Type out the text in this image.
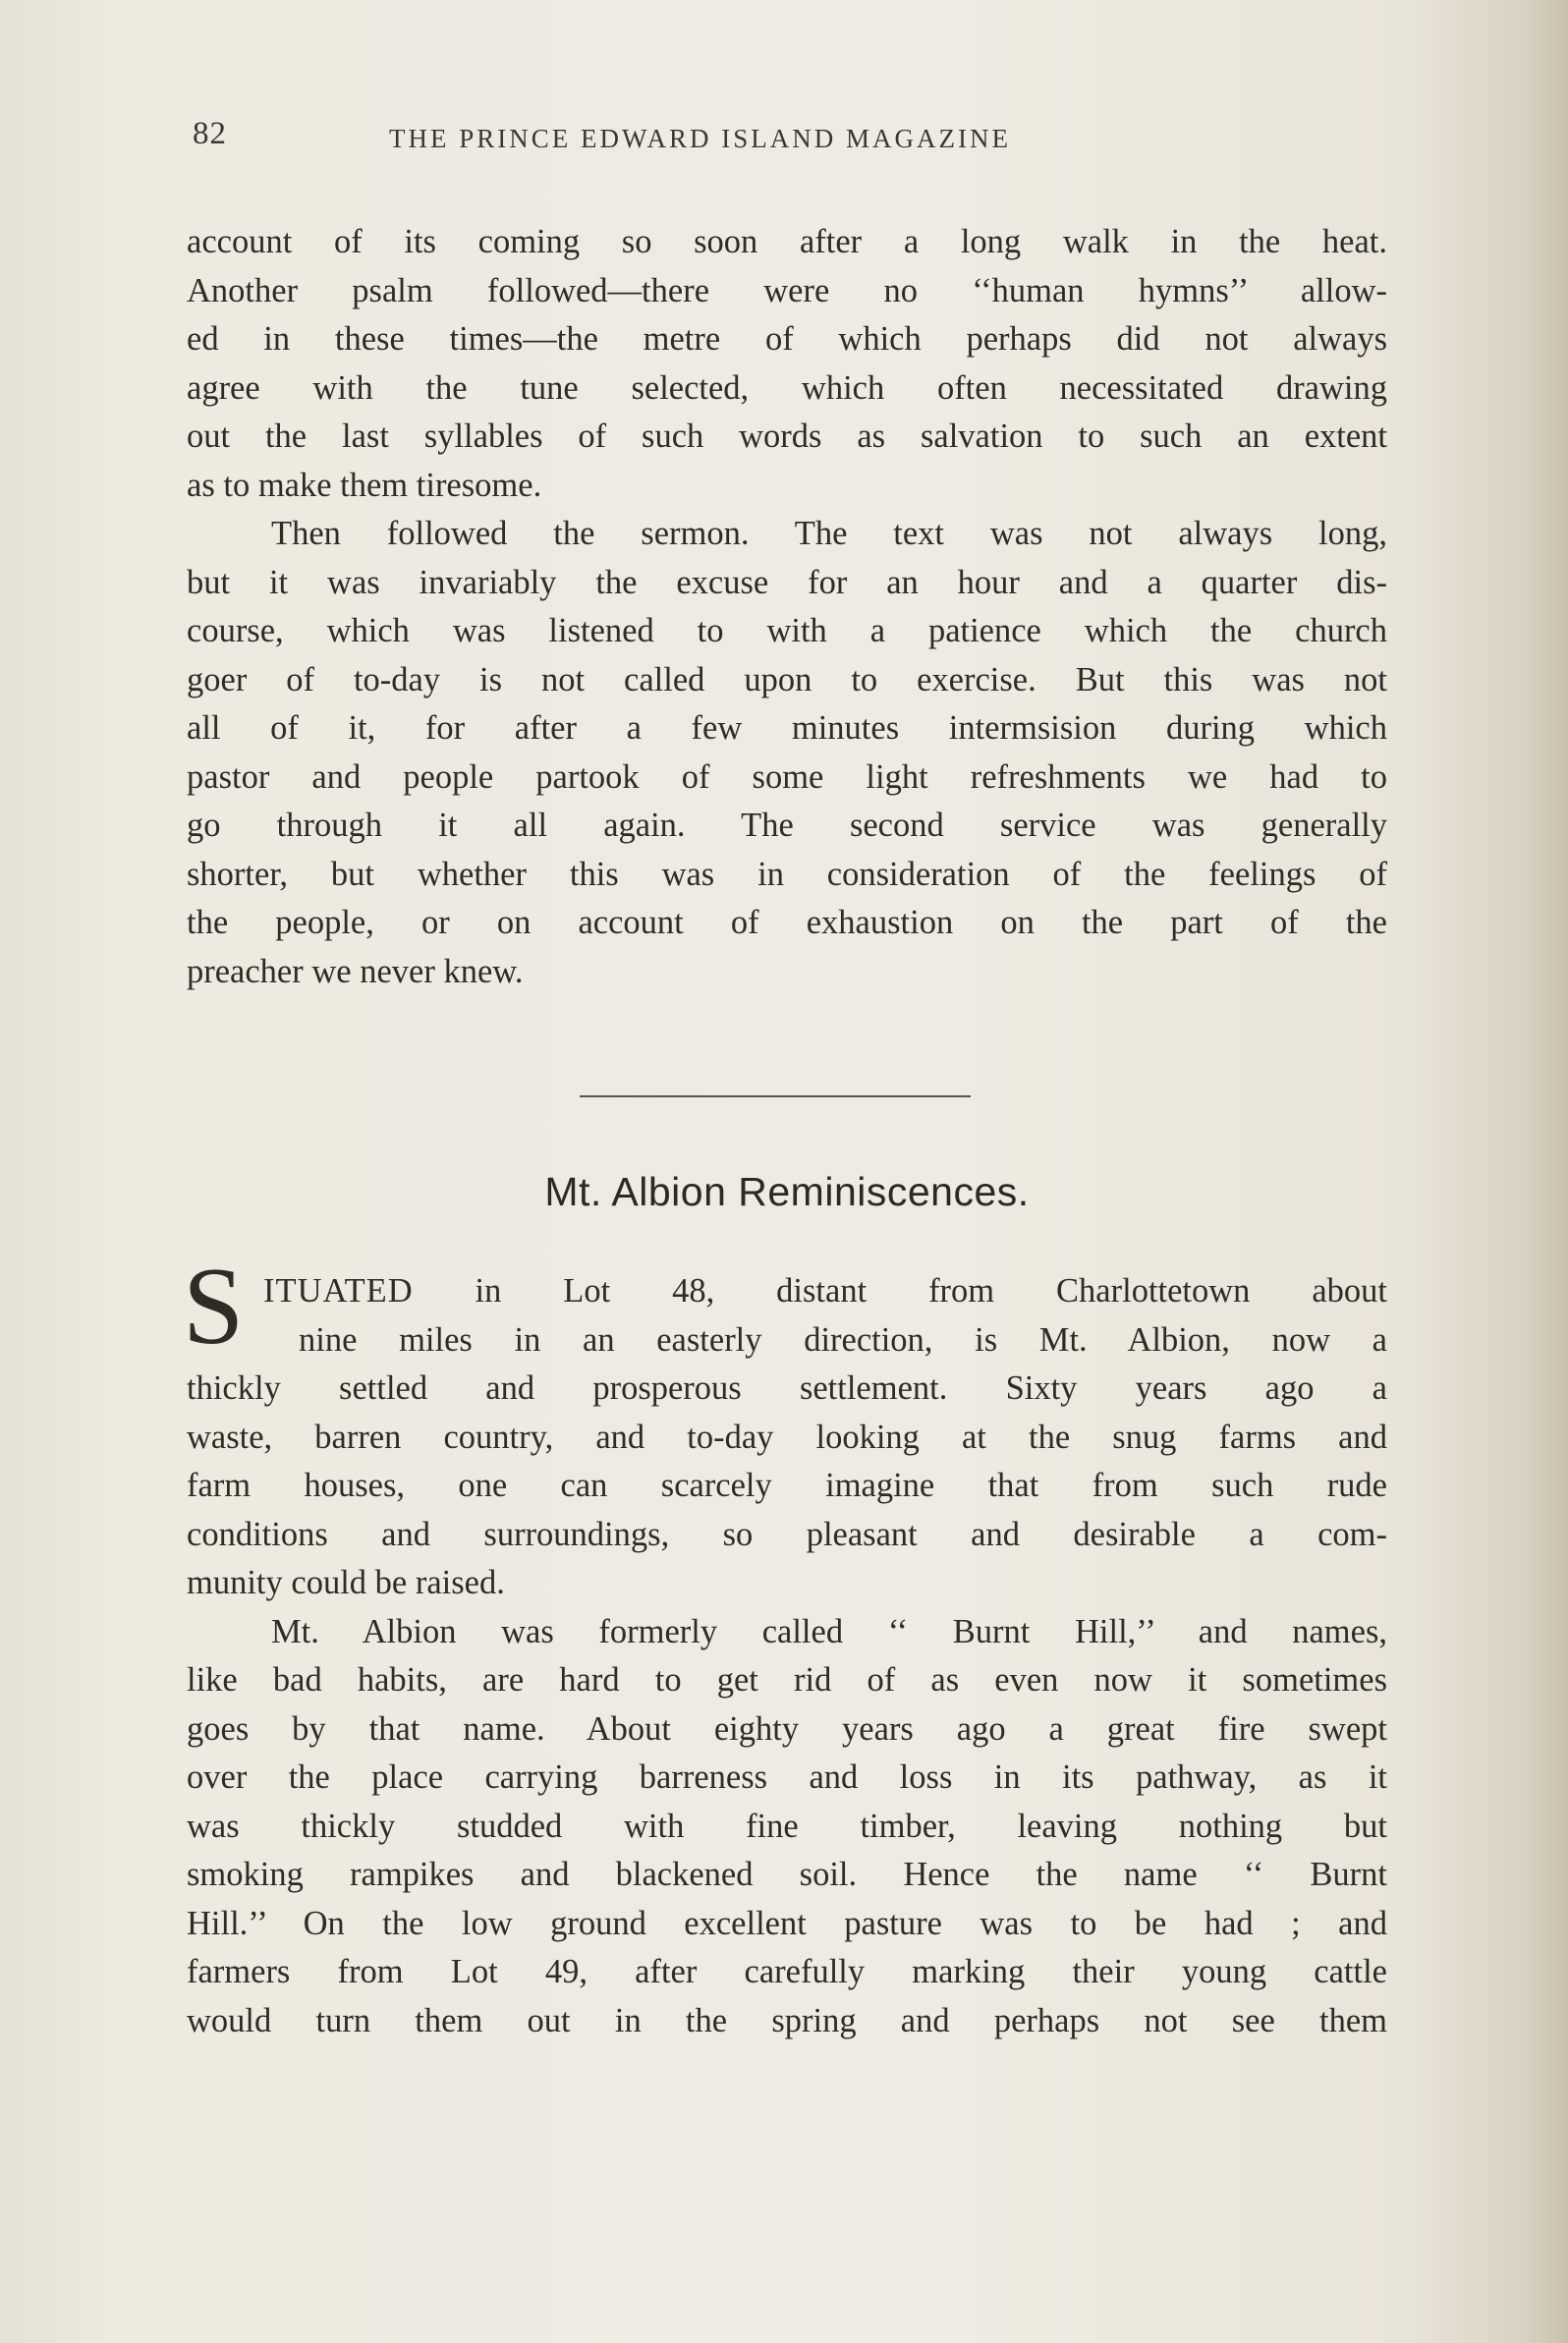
82	THE PRINCE EDWARD ISLAND MAGAZINE
account of its coming so soon after a long walk in the heat.
Another psalm followed—there were no ‘‘human hymns’’ allow-
ed in these times—the metre of which perhaps did not always
agree with the tune selected, which often necessitated drawing
out the last syllables of such words as salvation to such an extent
as to make them tiresome.
Then followed the sermon. The text was not always long,
but it was invariably the excuse for an hour and a quarter dis-
course, which was listened to with a patience which the church
goer of to-day is not called upon to exercise. But this was not
all of it, for after a few minutes intermsision during which
pastor and people partook of some light refreshments we had to
go through it all again. The second service was generally
shorter, but whether this was in consideration of the feelings of
the people, or on account of exhaustion on the part of the
preacher we never knew.
Mt. Albion Reminiscences.
S ITUATED in Lot 48, distant from Charlottetown about
nine miles in an easterly direction, is Mt. Albion, now a
thickly settled and prosperous settlement. Sixty years ago a
waste, barren country, and to-day looking at the snug farms and
farm houses, one can scarcely imagine that from such rude
conditions and surroundings, so pleasant and desirable a com-
munity could be raised.
Mt. Albion was formerly called ‘‘ Burnt Hill,’’ and names,
like bad habits, are hard to get rid of as even now it sometimes
goes by that name. About eighty years ago a great fire swept
over the place carrying barreness and loss in its pathway, as it
was thickly studded with fine timber, leaving nothing but
smoking rampikes and blackened soil. Hence the name ‘‘ Burnt
Hill.’’ On the low ground excellent pasture was to be had ; and
farmers from Lot 49, after carefully marking their young cattle
would turn them out in the spring and perhaps not see them
